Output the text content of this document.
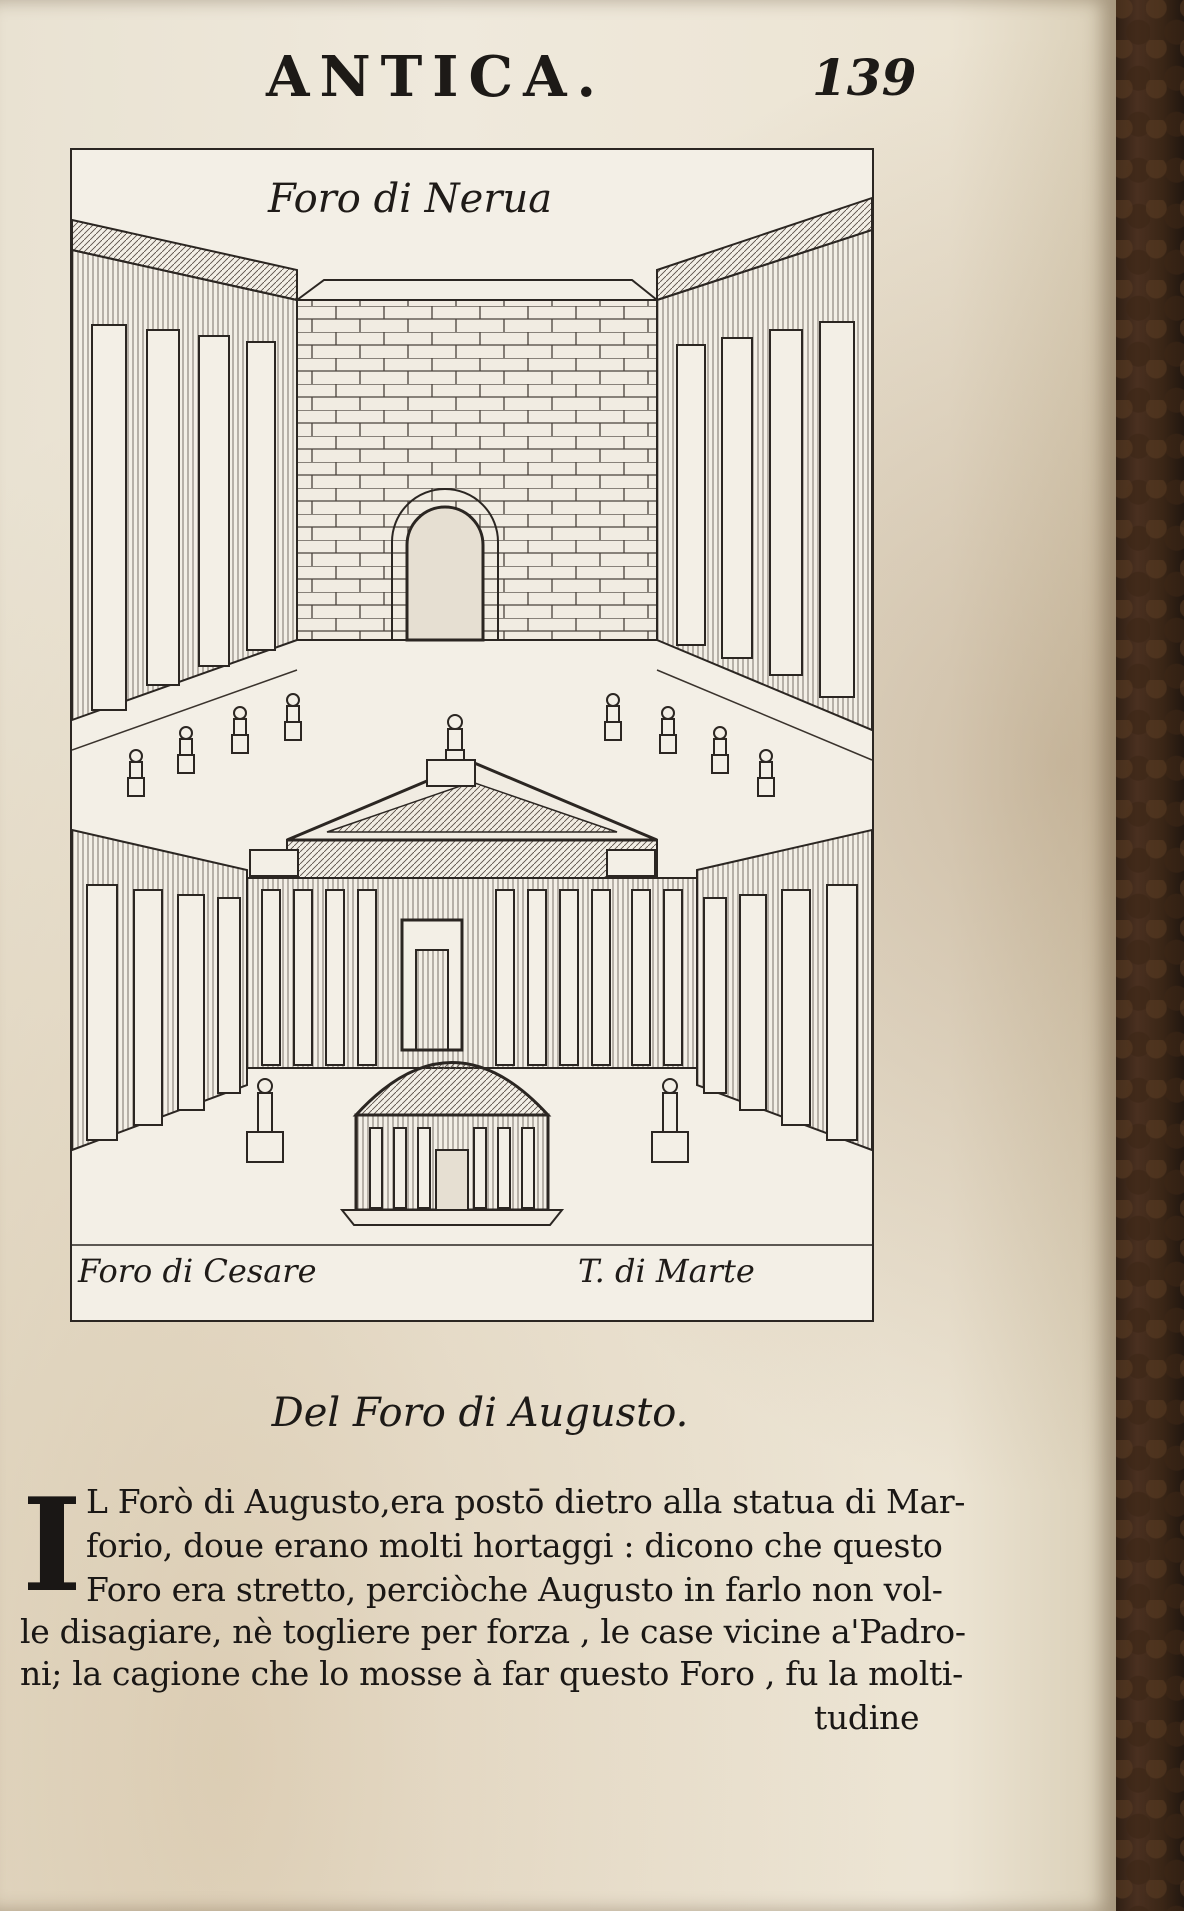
ANTICA.	139
Foro di Nerua
Foro di Cesare	T. di Marte
Del Foro di Augusto.
I L Forò di Augusto,era postō dietro alla statua di Mar-
forio, doue erano molti hortaggi : dicono che questo
Foro era stretto, perciòche Augusto in farlo non vol-
le disagiare, nè togliere per forza , le case vicine a'Padro-
ni; la cagione che lo mosse à far questo Foro , fu la molti-
tudine
